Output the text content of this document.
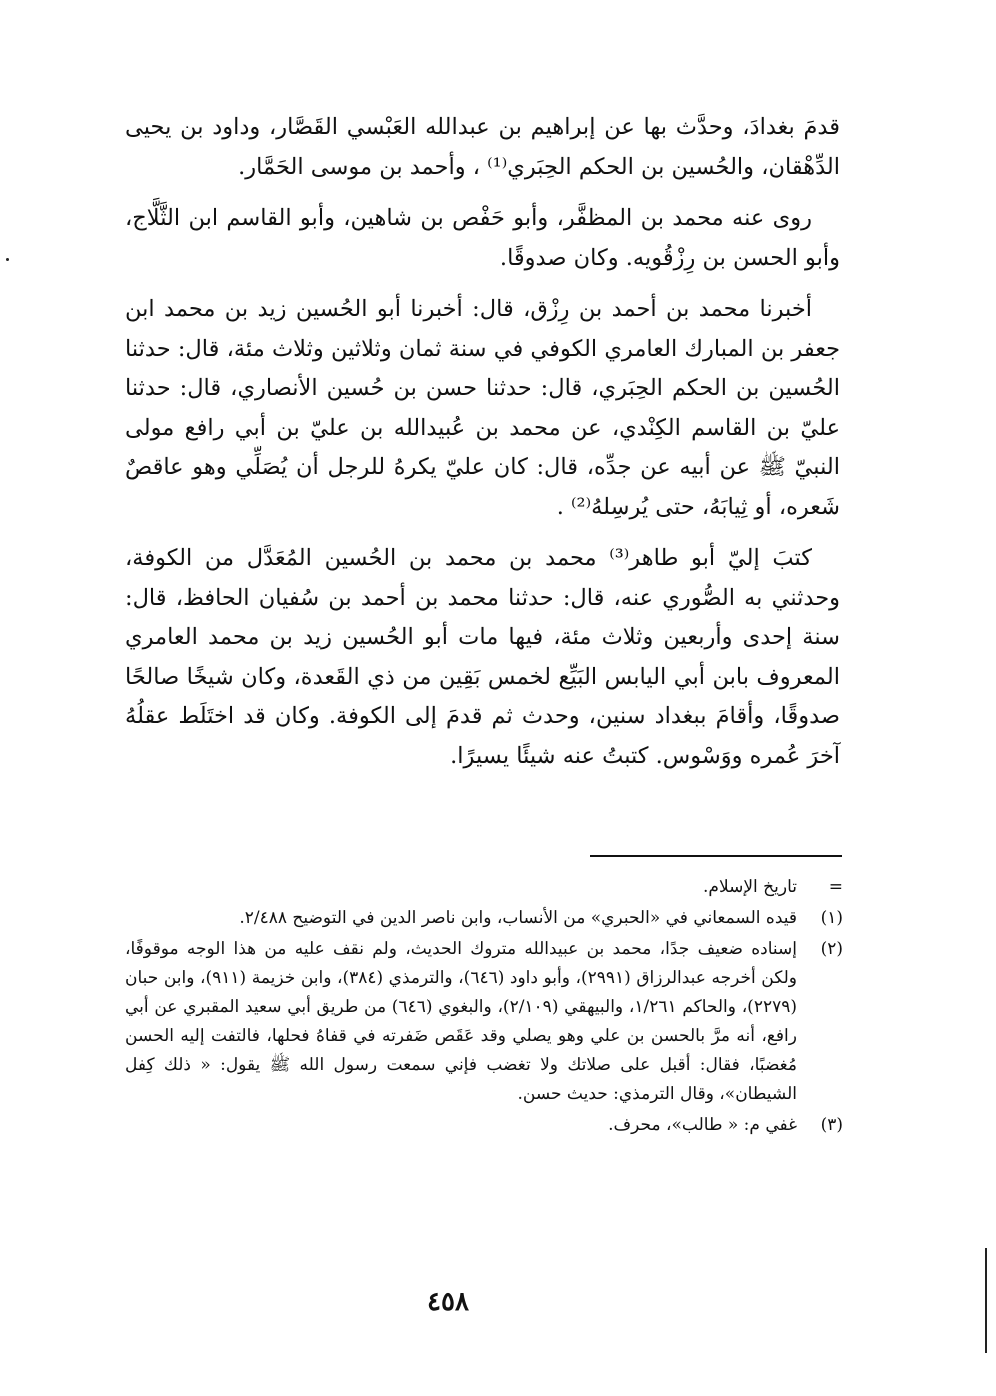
قدمَ بغدادَ، وحدَّث بها عن إبراهيم بن عبدالله العَبْسي القَصَّار، وداود بن يحيى الدِّهْقان، والحُسين بن الحكم الحِبَري⁽¹⁾ ، وأحمد بن موسى الحَمَّار.

روى عنه محمد بن المظفَّر، وأبو حَفْص بن شاهين، وأبو القاسم ابن الثَّلَّاج، وأبو الحسن بن رِزْقُويه. وكان صدوقًا.

أخبرنا محمد بن أحمد بن رِزْق، قال: أخبرنا أبو الحُسين زيد بن محمد ابن جعفر بن المبارك العامري الكوفي في سنة ثمان وثلاثين وثلاث مئة، قال: حدثنا الحُسين بن الحكم الحِبَري، قال: حدثنا حسن بن حُسين الأنصاري، قال: حدثنا عليّ بن القاسم الكِنْدي، عن محمد بن عُبيدالله بن عليّ بن أبي رافع مولى النبيّ ﷺ عن أبيه عن جدِّه، قال: كان عليّ يكرهُ للرجل أن يُصَلِّي وهو عاقصٌ شَعره، أو ثِيابَهُ، حتى يُرسِلهُ⁽²⁾ .

كتبَ إليّ أبو طاهر⁽³⁾ محمد بن محمد بن الحُسين المُعَدَّل من الكوفة، وحدثني به الصُّوري عنه، قال: حدثنا محمد بن أحمد بن سُفيان الحافظ، قال: سنة إحدى وأربعين وثلاث مئة، فيها مات أبو الحُسين زيد بن محمد العامري المعروف بابن أبي اليابس البَيِّع لخمس بَقِين من ذي القَعدة، وكان شيخًا صالحًا صدوقًا، وأقامَ ببغداد سنين، وحدث ثم قدمَ إلى الكوفة. وكان قد اختَلَط عقلُهُ آخرَ عُمره ووَسْوس. كتبتُ عنه شيئًا يسيرًا.

=
تاريخ الإسلام.
(١)
قيده السمعاني في «الحبري» من الأنساب، وابن ناصر الدين في التوضيح ٢/٤٨٨.
(٢)
إسناده ضعيف جدًا، محمد بن عبيدالله متروك الحديث، ولم نقف عليه من هذا الوجه موقوفًا، ولكن أخرجه عبدالرزاق (٢٩٩١)، وأبو داود (٦٤٦)، والترمذي (٣٨٤)، وابن خزيمة (٩١١)، وابن حبان (٢٢٧٩)، والحاكم ١/٢٦١، والبيهقي (٢/١٠٩)، والبغوي (٦٤٦) من طريق أبي سعيد المقبري عن أبي رافع، أنه مرَّ بالحسن بن علي وهو يصلي وقد عَقَص ضَفرته في قفاهُ فحلها، فالتفت إليه الحسن مُغضبًا، فقال: أقبل على صلاتك ولا تغضب فإني سمعت رسول الله ﷺ يقول: « ذلك كِفل الشيطان»، وقال الترمذي: حديث حسن.
(٣)
غفي م: « طالب»، محرف.
٤٥٨
